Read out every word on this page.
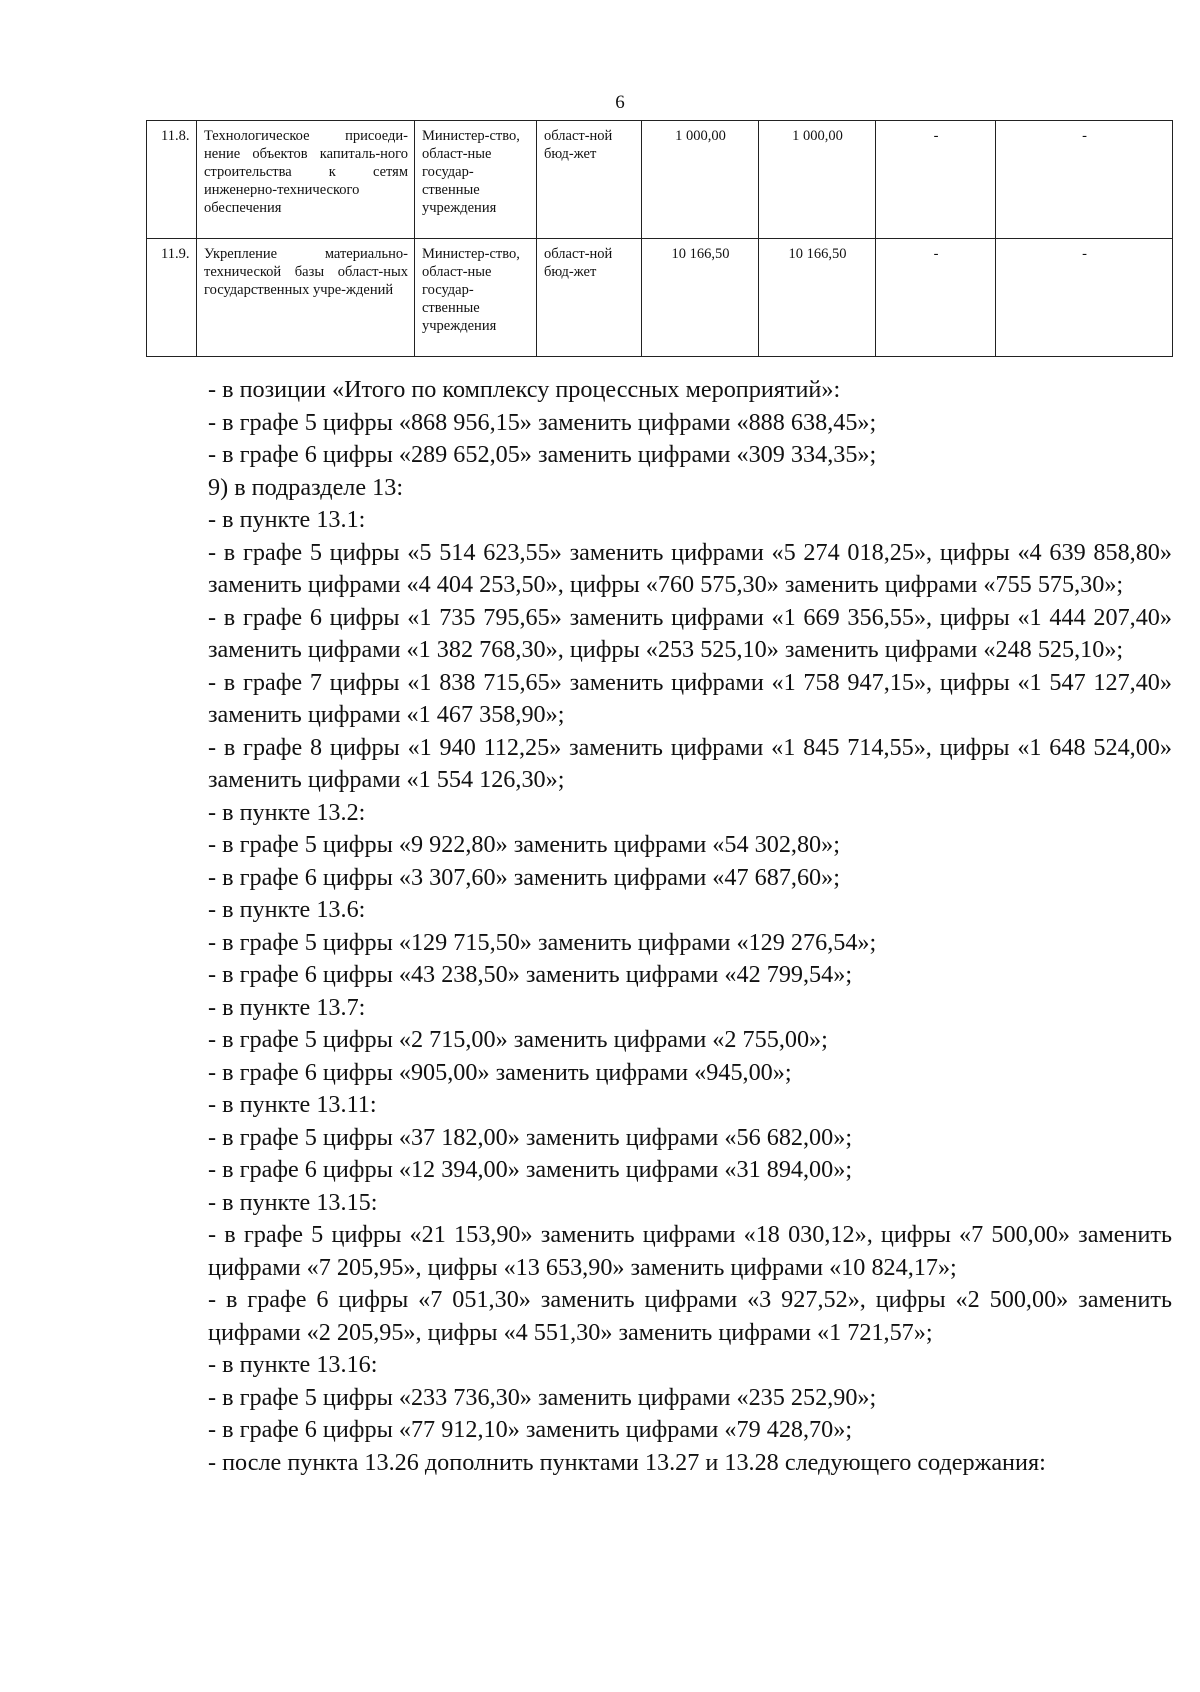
6
11.8.	Технологическое присоеди-нение объектов капиталь-ного строительства к сетям инженерно-технического обеспечения	Министер-ство, област-ные государ-ственные учреждения	област-ной бюд-жет	1 000,00	1 000,00	-	-
11.9.	Укрепление материально-технической базы област-ных государственных учре-ждений	Министер-ство, област-ные государ-ственные учреждения	област-ной бюд-жет	10 166,50	10 166,50	-	-

- в позиции «Итого по комплексу процессных мероприятий»:

- в графе 5 цифры «868 956,15» заменить цифрами «888 638,45»;

- в графе 6 цифры «289 652,05» заменить цифрами «309 334,35»;

9) в подразделе 13:

- в пункте 13.1:

- в графе 5 цифры «5 514 623,55» заменить цифрами «5 274 018,25», цифры «4 639 858,80» заменить цифрами «4 404 253,50», цифры «760 575,30» заменить цифрами «755 575,30»;

- в графе 6 цифры «1 735 795,65» заменить цифрами «1 669 356,55», цифры «1 444 207,40» заменить цифрами «1 382 768,30», цифры «253 525,10» заменить цифрами «248 525,10»;

- в графе 7 цифры «1 838 715,65» заменить цифрами «1 758 947,15», цифры «1 547 127,40» заменить цифрами «1 467 358,90»;

- в графе 8 цифры «1 940 112,25» заменить цифрами «1 845 714,55», цифры «1 648 524,00» заменить цифрами «1 554 126,30»;

- в пункте 13.2:

- в графе 5 цифры «9 922,80» заменить цифрами «54 302,80»;

- в графе 6 цифры «3 307,60» заменить цифрами «47 687,60»;

- в пункте 13.6:

- в графе 5 цифры «129 715,50» заменить цифрами «129 276,54»;

- в графе 6 цифры «43 238,50» заменить цифрами «42 799,54»;

- в пункте 13.7:

- в графе 5 цифры «2 715,00» заменить цифрами «2 755,00»;

- в графе 6 цифры «905,00» заменить цифрами «945,00»;

- в пункте 13.11:

- в графе 5 цифры «37 182,00» заменить цифрами «56 682,00»;

- в графе 6 цифры «12 394,00» заменить цифрами «31 894,00»;

- в пункте 13.15:

- в графе 5 цифры «21 153,90» заменить цифрами «18 030,12», цифры «7 500,00» заменить цифрами «7 205,95», цифры «13 653,90» заменить цифрами «10 824,17»;

- в графе 6 цифры «7 051,30» заменить цифрами «3 927,52», цифры «2 500,00» заменить цифрами «2 205,95», цифры «4 551,30» заменить цифрами «1 721,57»;

- в пункте 13.16:

- в графе 5 цифры «233 736,30» заменить цифрами «235 252,90»;

- в графе 6 цифры «77 912,10» заменить цифрами «79 428,70»;

- после пункта 13.26 дополнить пунктами 13.27 и 13.28 следующего содержания:
